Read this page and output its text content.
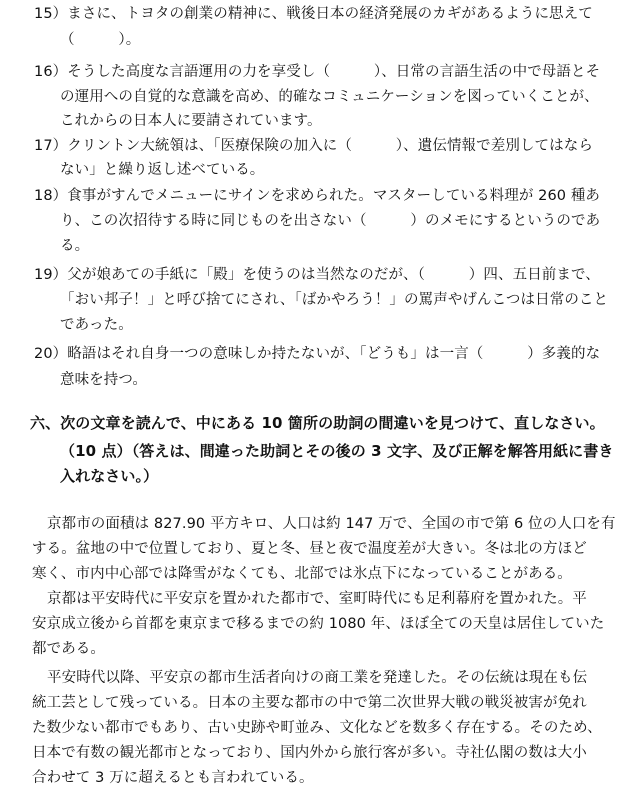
15）まさに、トヨタの創業の精神に、戦後日本の経済発展のカギがあるように思えて
（　　　）。
16）そうした高度な言語運用の力を享受し（　　　）、日常の言語生活の中で母語とそ
の運用への自覚的な意識を高め、的確なコミュニケーションを図っていくことが、
これからの日本人に要請されています。
17）クリントン大統領は、「医療保険の加入に（　　　）、遺伝情報で差別してはなら
ない」と繰り返し述べている。
18）食事がすんでメニューにサインを求められた。マスターしている料理が 260 種あ
り、この次招待する時に同じものを出さない（　　　）のメモにするというのであ
る。
19）父が娘あての手紙に「殿」を使うのは当然なのだが、（　　　）四、五日前まで、
「おい邦子！」と呼び捨てにされ、「ばかやろう！」の罵声やげんこつは日常のこと
であった。
20）略語はそれ自身一つの意味しか持たないが、「どうも」は一言（　　　）多義的な
意味を持つ。
六、次の文章を読んで、中にある 10 箇所の助詞の間違いを見つけて、直しなさい。
（10 点）（答えは、間違った助詞とその後の 3 文字、及び正解を解答用紙に書き
入れなさい。）
京都市の面積は 827.90 平方キロ、人口は約 147 万で、全国の市で第 6 位の人口を有
する。盆地の中で位置しており、夏と冬、昼と夜で温度差が大きい。冬は北の方ほど
寒く、市内中心部では降雪がなくても、北部では氷点下になっていることがある。
京都は平安時代に平安京を置かれた都市で、室町時代にも足利幕府を置かれた。平
安京成立後から首都を東京まで移るまでの約 1080 年、ほぼ全ての天皇は居住していた
都である。
平安時代以降、平安京の都市生活者向けの商工業を発達した。その伝統は現在も伝
統工芸として残っている。日本の主要な都市の中で第二次世界大戦の戦災被害が免れ
た数少ない都市でもあり、古い史跡や町並み、文化などを数多く存在する。そのため、
日本で有数の観光都市となっており、国内外から旅行客が多い。寺社仏閣の数は大小
合わせて 3 万に超えるとも言われている。
